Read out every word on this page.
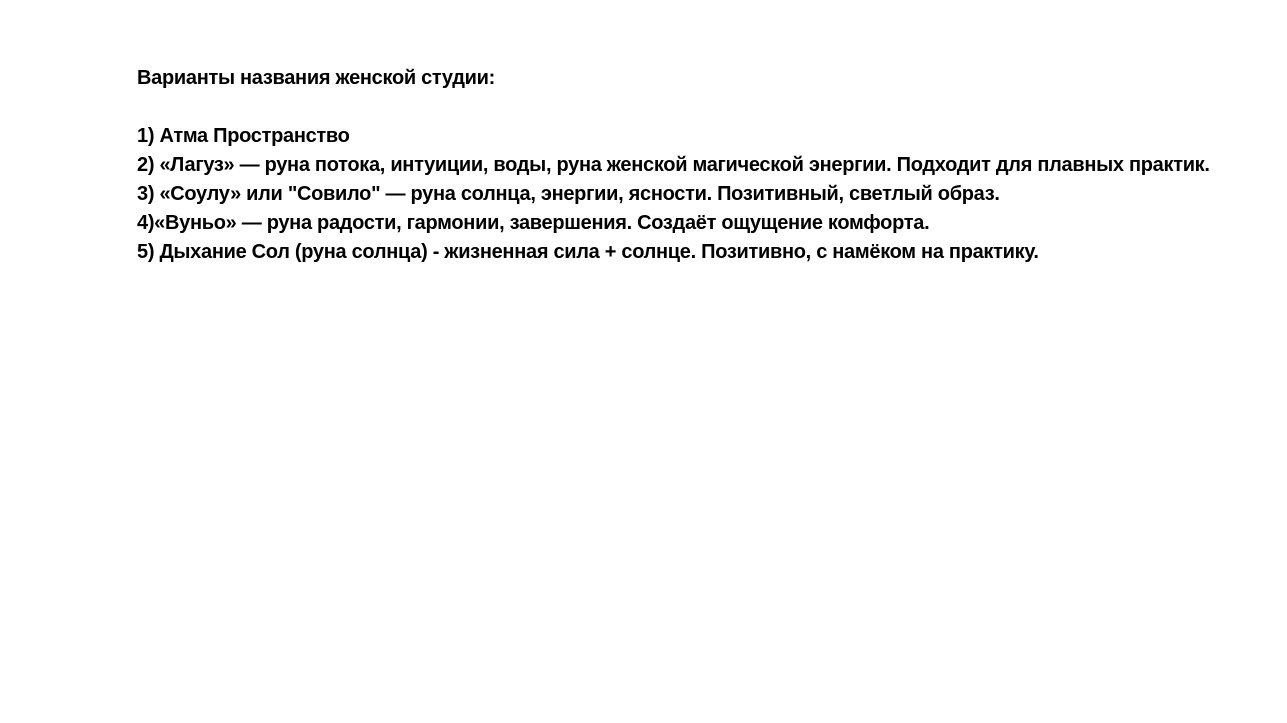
Варианты названия женской студии:
1) Атма Пространство
2) «Лагуз» — руна потока, интуиции, воды, руна женской магической энергии. Подходит для плавных практик.
3) «Соулу» или "Совило" — руна солнца, энергии, ясности. Позитивный, светлый образ.
4)«Вуньо» — руна радости, гармонии, завершения. Создаёт ощущение комфорта.
5) Дыхание Сол (руна солнца) - жизненная сила + солнце. Позитивно, с намёком на практику.
